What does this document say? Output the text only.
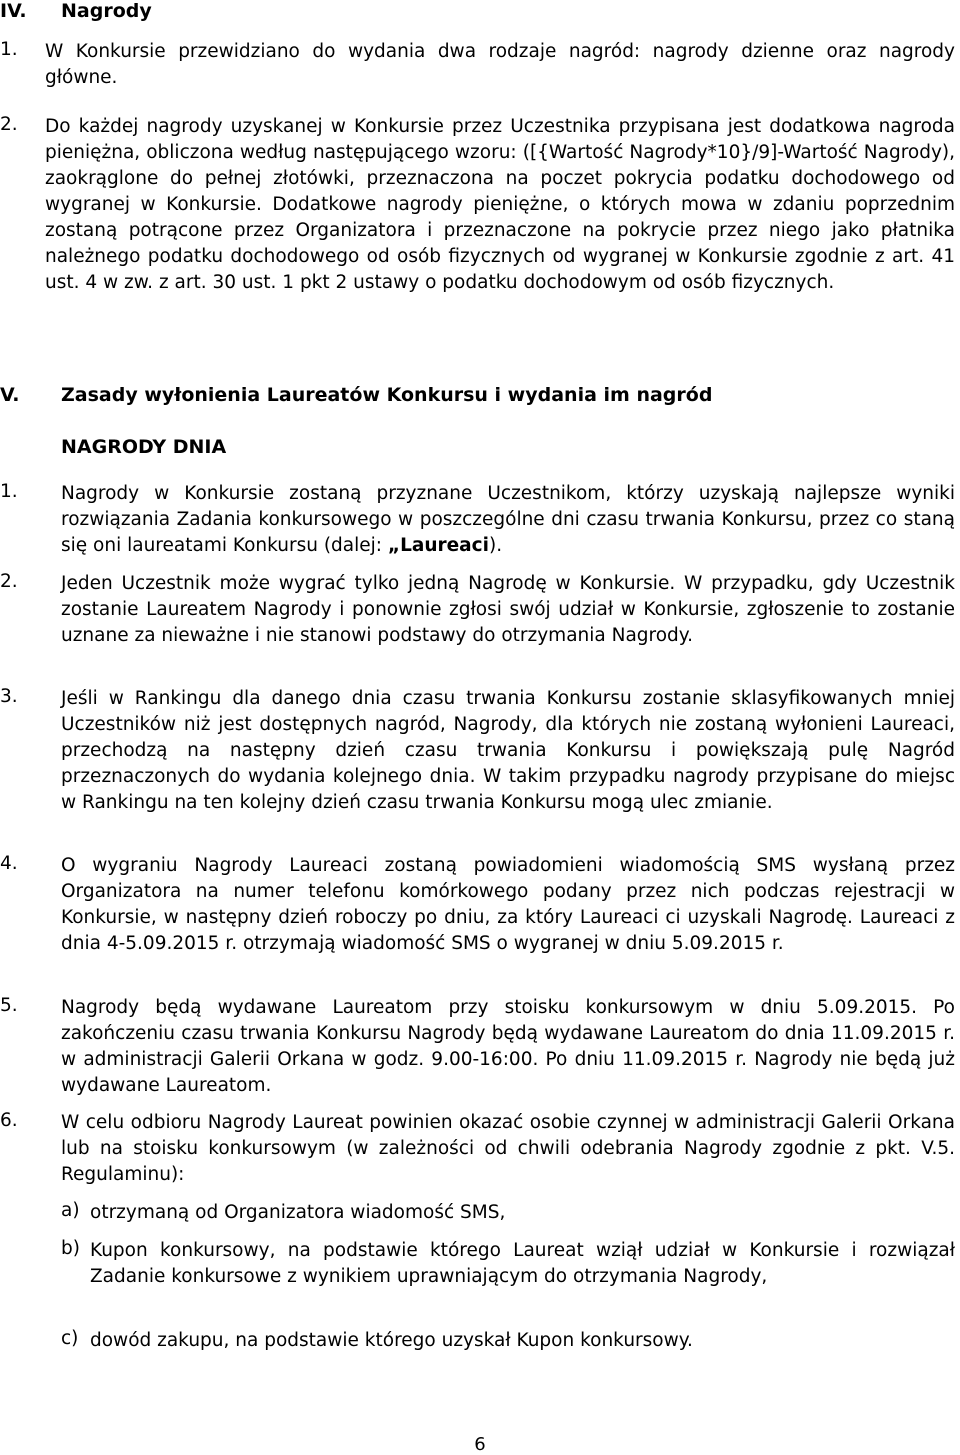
IV. Nagrody
1. W Konkursie przewidziano do wydania dwa rodzaje nagród: nagrody dzienne oraz nagrody główne.
2. Do każdej nagrody uzyskanej w Konkursie przez Uczestnika przypisana jest dodatkowa nagroda pieniężna, obliczona według następującego wzoru: ([{Wartość Nagrody*10}/9]-Wartość Nagrody), zaokrąglone do pełnej złotówki, przeznaczona na poczet pokrycia podatku dochodowego od wygranej w Konkursie. Dodatkowe nagrody pieniężne, o których mowa w zdaniu poprzednim zostaną potrącone przez Organizatora i przeznaczone na pokrycie przez niego jako płatnika należnego podatku dochodowego od osób fizycznych od wygranej w Konkursie zgodnie z art. 41 ust. 4 w zw. z art. 30 ust. 1 pkt 2 ustawy o podatku dochodowym od osób fizycznych.
V. Zasady wyłonienia Laureatów Konkursu i wydania im nagród
NAGRODY DNIA
1. Nagrody w Konkursie zostaną przyznane Uczestnikom, którzy uzyskają najlepsze wyniki rozwiązania Zadania konkursowego w poszczególne dni czasu trwania Konkursu, przez co staną się oni laureatami Konkursu (dalej: „Laureaci).
2. Jeden Uczestnik może wygrać tylko jedną Nagrodę w Konkursie. W przypadku, gdy Uczestnik zostanie Laureatem Nagrody i ponownie zgłosi swój udział w Konkursie, zgłoszenie to zostanie uznane za nieważne i nie stanowi podstawy do otrzymania Nagrody.
3. Jeśli w Rankingu dla danego dnia czasu trwania Konkursu zostanie sklasyfikowanych mniej Uczestników niż jest dostępnych nagród, Nagrody, dla których nie zostaną wyłonieni Laureaci, przechodzą na następny dzień czasu trwania Konkursu i powiększają pulę Nagród przeznaczonych do wydania kolejnego dnia. W takim przypadku nagrody przypisane do miejsc w Rankingu na ten kolejny dzień czasu trwania Konkursu mogą ulec zmianie.
4. O wygraniu Nagrody Laureaci zostaną powiadomieni wiadomością SMS wysłaną przez Organizatora na numer telefonu komórkowego podany przez nich podczas rejestracji w Konkursie, w następny dzień roboczy po dniu, za który Laureaci ci uzyskali Nagrodę. Laureaci z dnia 4-5.09.2015 r. otrzymają wiadomość SMS o wygranej w dniu 5.09.2015 r.
5. Nagrody będą wydawane Laureatom przy stoisku konkursowym w dniu 5.09.2015. Po zakończeniu czasu trwania Konkursu Nagrody będą wydawane Laureatom do dnia 11.09.2015 r. w administracji Galerii Orkana w godz. 9.00-16:00. Po dniu 11.09.2015 r. Nagrody nie będą już wydawane Laureatom.
6. W celu odbioru Nagrody Laureat powinien okazać osobie czynnej w administracji Galerii Orkana lub na stoisku konkursowym (w zależności od chwili odebrania Nagrody zgodnie z pkt. V.5. Regulaminu):
a) otrzymaną od Organizatora wiadomość SMS,
b) Kupon konkursowy, na podstawie którego Laureat wziął udział w Konkursie i rozwiązał Zadanie konkursowe z wynikiem uprawniającym do otrzymania Nagrody,
c) dowód zakupu, na podstawie którego uzyskał Kupon konkursowy.
6
